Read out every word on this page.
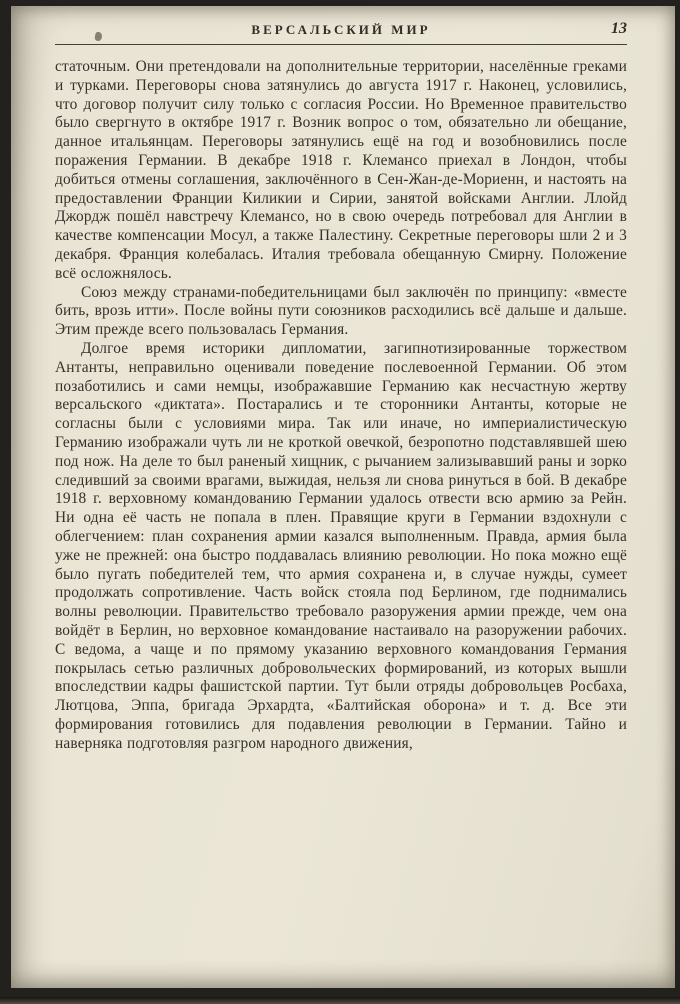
ВЕРСАЛЬСКИЙ МИР	13

статочным. Они претендовали на дополнительные территории, населённые греками и турками. Переговоры снова затянулись до августа 1917 г. Наконец, условились, что договор получит силу только с согласия России. Но Временное правительство было свергнуто в октябре 1917 г. Возник вопрос о том, обязательно ли обещание, данное итальянцам. Переговоры затянулись ещё на год и возобновились после поражения Германии. В декабре 1918 г. Клемансо приехал в Лондон, чтобы добиться отмены соглашения, заключённого в Сен-Жан-де-Мориенн, и настоять на предоставлении Франции Киликии и Сирии, занятой войсками Англии. Ллойд Джордж пошёл навстречу Клемансо, но в свою очередь потребовал для Англии в качестве компенсации Мосул, а также Палестину. Секретные переговоры шли 2 и 3 декабря. Франция колебалась. Италия требовала обещанную Смирну. Положение всё осложнялось.

Союз между странами-победительницами был заключён по принципу: «вместе бить, врозь итти». После войны пути союзников расходились всё дальше и дальше. Этим прежде всего пользовалась Германия.

Долгое время историки дипломатии, загипнотизированные торжеством Антанты, неправильно оценивали поведение послевоенной Германии. Об этом позаботились и сами немцы, изображавшие Германию как несчастную жертву версальского «диктата». Постарались и те сторонники Антанты, которые не согласны были с условиями мира. Так или иначе, но империалистическую Германию изображали чуть ли не кроткой овечкой, безропотно подставлявшей шею под нож. На деле то был раненый хищник, с рычанием зализывавший раны и зорко следивший за своими врагами, выжидая, нельзя ли снова ринуться в бой. В декабре 1918 г. верховному командованию Германии удалось отвести всю армию за Рейн. Ни одна её часть не попала в плен. Правящие круги в Германии вздохнули с облегчением: план сохранения армии казался выполненным. Правда, армия была уже не прежней: она быстро поддавалась влиянию революции. Но пока можно ещё было пугать победителей тем, что армия сохранена и, в случае нужды, сумеет продолжать сопротивление. Часть войск стояла под Берлином, где поднимались волны революции. Правительство требовало разоружения армии прежде, чем она войдёт в Берлин, но верховное командование настаивало на разоружении рабочих. С ведома, а чаще и по прямому указанию верховного командования Германия покрылась сетью различных добровольческих формирований, из которых вышли впоследствии кадры фашистской партии. Тут были отряды добровольцев Росбаха, Лютцова, Эппа, бригада Эрхардта, «Балтийская оборона» и т. д. Все эти формирования готовились для подавления революции в Германии. Тайно и наверняка подготовляя разгром народного движения,
